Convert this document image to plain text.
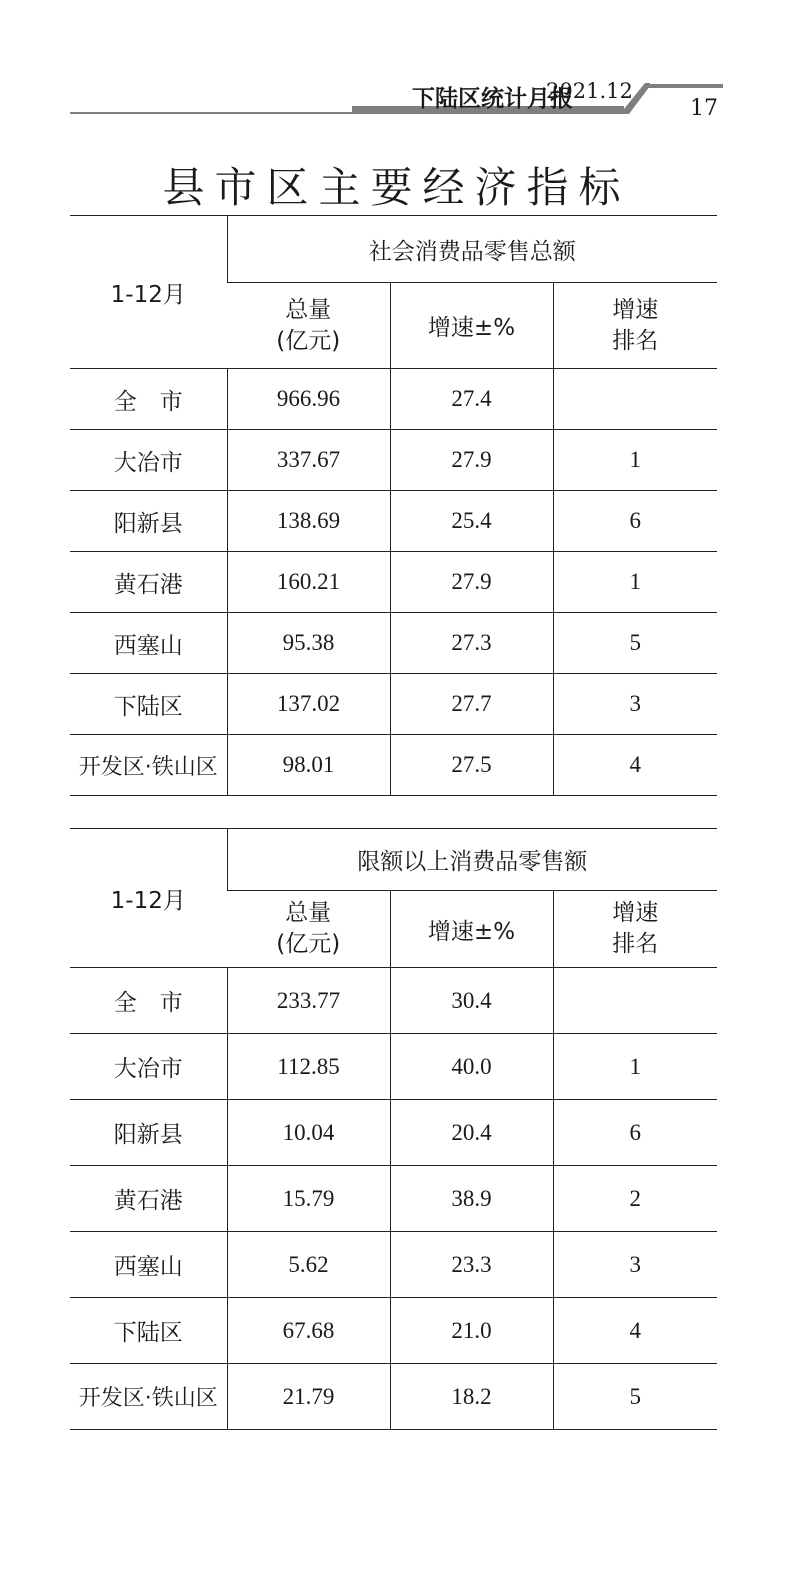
下陆区统计月报
2021.12
17
县市区主要经济指标
1-12月	社会消费品零售总额		
	总量
(亿元)	增速±%	增速
排名
全　市	966.96	27.4	
大冶市	337.67	27.9	1
阳新县	138.69	25.4	6
黄石港	160.21	27.9	1
西塞山	95.38	27.3	5
下陆区	137.02	27.7	3
开发区·铁山区	98.01	27.5	4
1-12月	限额以上消费品零售额		
	总量
(亿元)	增速±%	增速
排名
全　市	233.77	30.4	
大冶市	112.85	40.0	1
阳新县	10.04	20.4	6
黄石港	15.79	38.9	2
西塞山	5.62	23.3	3
下陆区	67.68	21.0	4
开发区·铁山区	21.79	18.2	5
